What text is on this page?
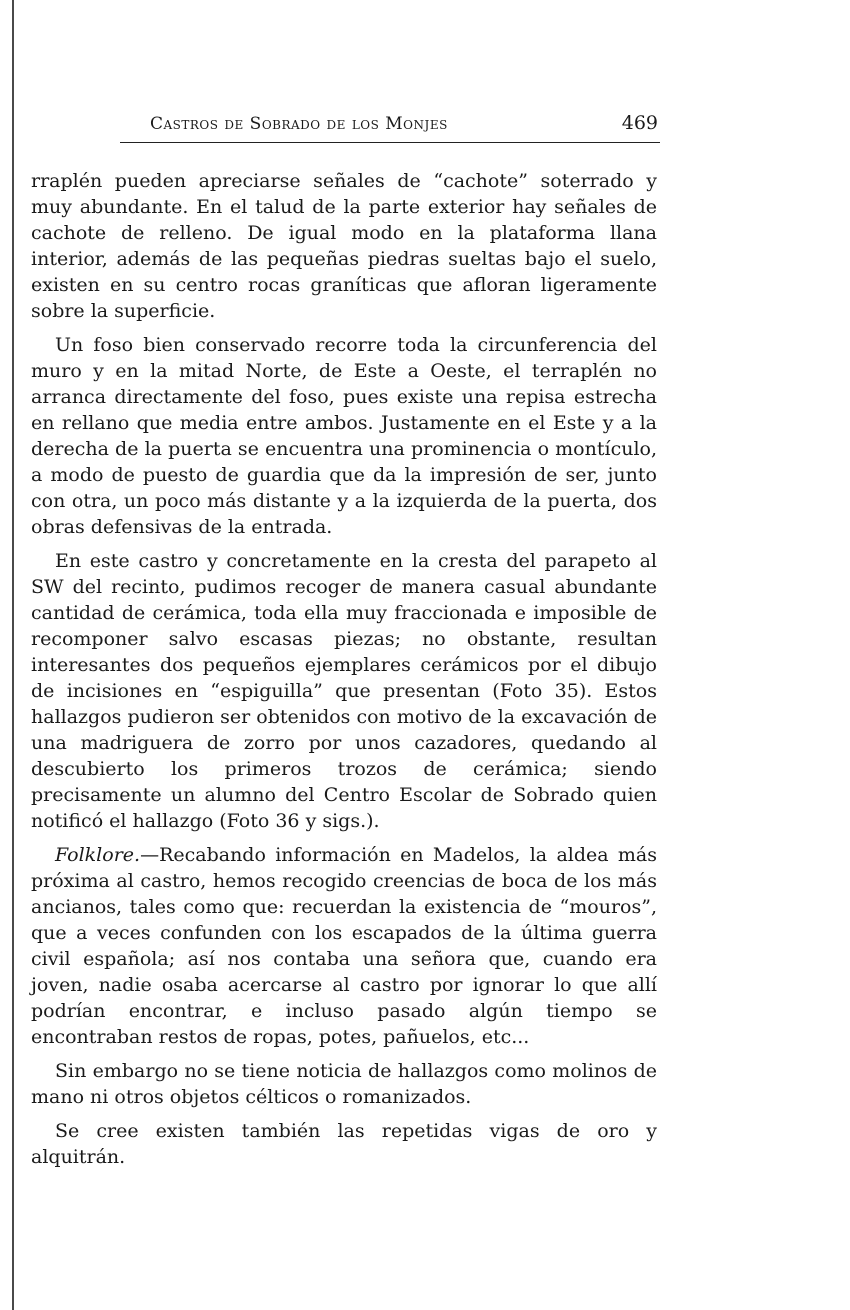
Castros de Sobrado de los Monjes	469

rraplén pueden apreciarse señales de “cachote” soterrado y muy abundante. En el talud de la parte exterior hay señales de cachote de relleno. De igual modo en la plataforma llana interior, además de las pequeñas piedras sueltas bajo el suelo, existen en su centro rocas graníticas que afloran ligeramente sobre la superficie.

Un foso bien conservado recorre toda la circunferencia del muro y en la mitad Norte, de Este a Oeste, el terraplén no arranca directamente del foso, pues existe una repisa estrecha en rellano que media entre ambos. Justamente en el Este y a la derecha de la puerta se encuentra una prominencia o montículo, a modo de puesto de guardia que da la impresión de ser, junto con otra, un poco más distante y a la izquierda de la puerta, dos obras defensivas de la entrada.

En este castro y concretamente en la cresta del parapeto al SW del recinto, pudimos recoger de manera casual abundante cantidad de cerámica, toda ella muy fraccionada e imposible de recomponer salvo escasas piezas; no obstante, resultan interesantes dos pequeños ejemplares cerámicos por el dibujo de incisiones en “espiguilla” que presentan (Foto 35). Estos hallazgos pudieron ser obtenidos con motivo de la excavación de una madriguera de zorro por unos cazadores, quedando al descubierto los primeros trozos de cerámica; siendo precisamente un alumno del Centro Escolar de Sobrado quien notificó el hallazgo (Foto 36 y sigs.).

Folklore.—Recabando información en Madelos, la aldea más próxima al castro, hemos recogido creencias de boca de los más ancianos, tales como que: recuerdan la existencia de “mouros”, que a veces confunden con los escapados de la última guerra civil española; así nos contaba una señora que, cuando era joven, nadie osaba acercarse al castro por ignorar lo que allí podrían encontrar, e incluso pasado algún tiempo se encontraban restos de ropas, potes, pañuelos, etc...

Sin embargo no se tiene noticia de hallazgos como molinos de mano ni otros objetos célticos o romanizados.

Se cree existen también las repetidas vigas de oro y alquitrán.
